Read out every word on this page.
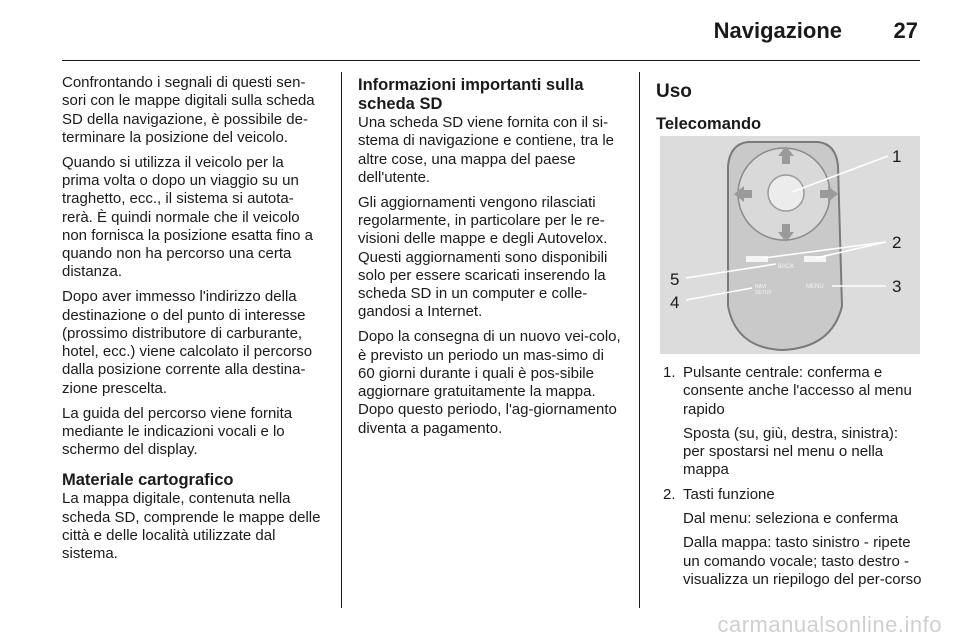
Navigazione 27

Confrontando i segnali di questi sen-sori con le mappe digitali sulla scheda SD della navigazione, è possibile de-terminare la posizione del veicolo.

Quando si utilizza il veicolo per la prima volta o dopo un viaggio su un traghetto, ecc., il sistema si autota-rerà. È quindi normale che il veicolo non fornisca la posizione esatta fino a quando non ha percorso una certa distanza.

Dopo aver immesso l'indirizzo della destinazione o del punto di interesse (prossimo distributore di carburante, hotel, ecc.) viene calcolato il percorso dalla posizione corrente alla destina-zione prescelta.

La guida del percorso viene fornita mediante le indicazioni vocali e lo schermo del display.

Materiale cartografico

La mappa digitale, contenuta nella scheda SD, comprende le mappe delle città e delle località utilizzate dal sistema.

Informazioni importanti sulla scheda SD

Una scheda SD viene fornita con il si-stema di navigazione e contiene, tra le altre cose, una mappa del paese dell'utente.

Gli aggiornamenti vengono rilasciati regolarmente, in particolare per le re-visioni delle mappe e degli Autovelox. Questi aggiornamenti sono disponibili solo per essere scaricati inserendo la scheda SD in un computer e colle-gandosi a Internet.

Dopo la consegna di un nuovo vei-colo, è previsto un periodo un mas-simo di 60 giorni durante i quali è pos-sibile aggiornare gratuitamente la mappa. Dopo questo periodo, l'ag-giornamento diventa a pagamento.

Uso
Telecomando
BACK
NAVI
SETUP
MENU
1
2
3
4
5
1. Pulsante centrale: conferma e consente anche l'accesso al menu rapido

Sposta (su, giù, destra, sinistra): per spostarsi nel menu o nella mappa

2. Tasti funzione

Dal menu: seleziona e conferma

Dalla mappa: tasto sinistro - ripete un comando vocale; tasto destro - visualizza un riepilogo del per-corso

carmanualsonline.info
